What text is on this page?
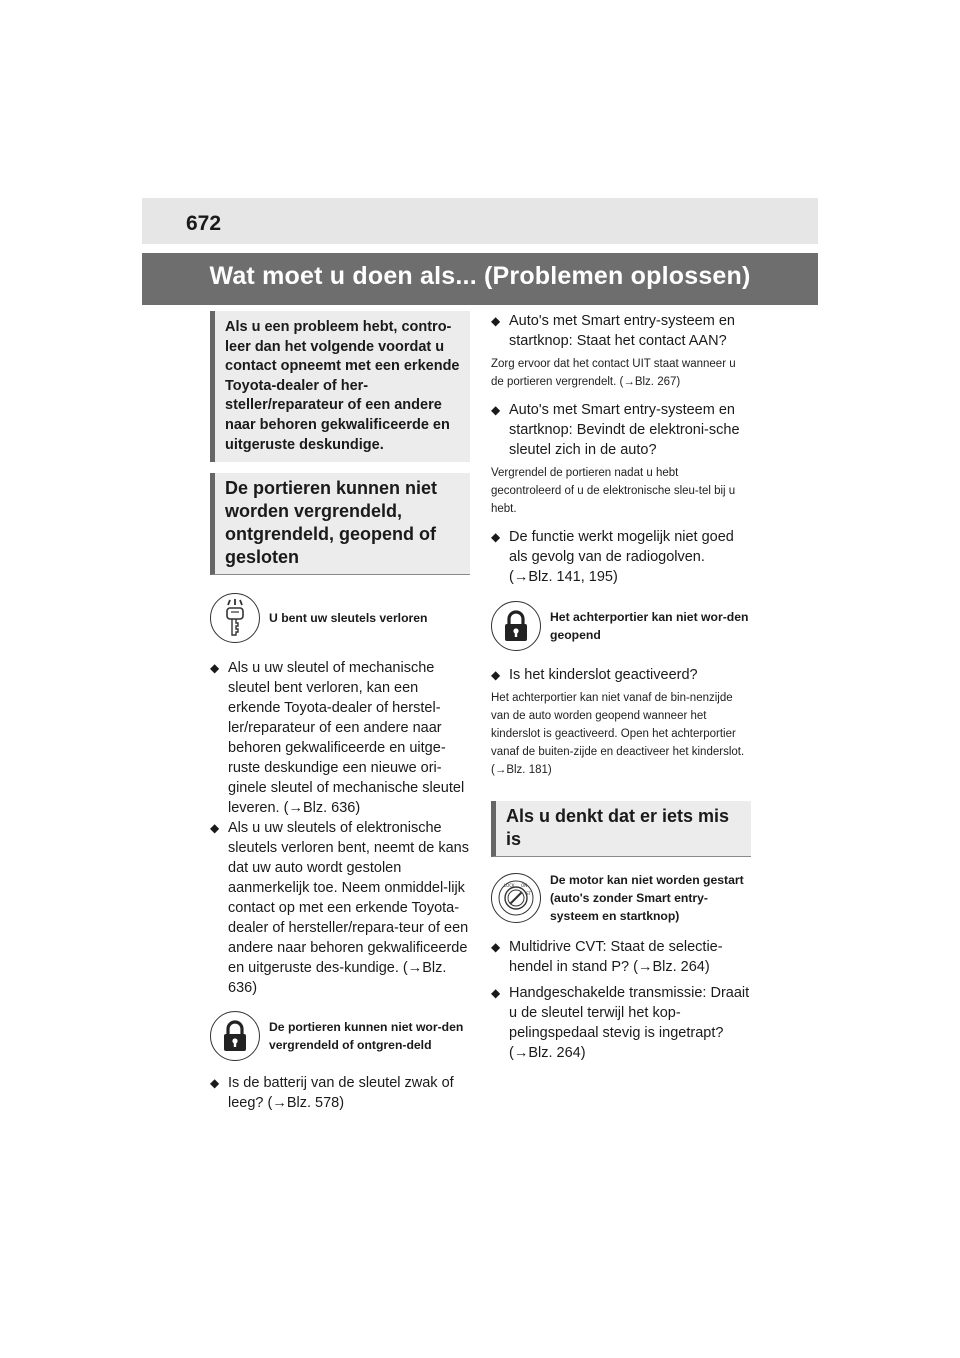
672
Wat moet u doen als... (Problemen oplossen)
Als u een probleem hebt, contro-leer dan het volgende voordat u contact opneemt met een erkende Toyota-dealer of her-steller/reparateur of een andere naar behoren gekwalificeerde en uitgeruste deskundige.
De portieren kunnen niet worden vergrendeld, ontgrendeld, geopend of gesloten
U bent uw sleutels verloren
◆ Als u uw sleutel of mechanische sleutel bent verloren, kan een erkende Toyota-dealer of herstel-ler/reparateur of een andere naar behoren gekwalificeerde en uitge-ruste deskundige een nieuwe ori-ginele sleutel of mechanische sleutel leveren. (→Blz. 636)
◆ Als u uw sleutels of elektronische sleutels verloren bent, neemt de kans dat uw auto wordt gestolen aanmerkelijk toe. Neem onmiddel-lijk contact op met een erkende Toyota-dealer of hersteller/repara-teur of een andere naar behoren gekwalificeerde en uitgeruste des-kundige. (→Blz. 636)
De portieren kunnen niet wor-den vergrendeld of ontgren-deld
◆ Is de batterij van de sleutel zwak of leeg? (→Blz. 578)
◆ Auto's met Smart entry-systeem en startknop: Staat het contact AAN?
Zorg ervoor dat het contact UIT staat wanneer u de portieren vergrendelt. (→Blz. 267)
◆ Auto's met Smart entry-systeem en startknop: Bevindt de elektroni-sche sleutel zich in de auto?
Vergrendel de portieren nadat u hebt gecontroleerd of u de elektronische sleu-tel bij u hebt.
◆ De functie werkt mogelijk niet goed als gevolg van de radiogolven. (→Blz. 141, 195)
Het achterportier kan niet wor-den geopend
◆ Is het kinderslot geactiveerd?
Het achterportier kan niet vanaf de bin-nenzijde van de auto worden geopend wanneer het kinderslot is geactiveerd. Open het achterportier vanaf de buiten-zijde en deactiveer het kinderslot. (→Blz. 181)
Als u denkt dat er iets mis is
LOCK ON
ST
De motor kan niet worden gestart (auto's zonder Smart entry-systeem en startknop)
◆ Multidrive CVT: Staat de selectie-hendel in stand P? (→Blz. 264)
◆ Handgeschakelde transmissie: Draait u de sleutel terwijl het kop-pelingspedaal stevig is ingetrapt? (→Blz. 264)
